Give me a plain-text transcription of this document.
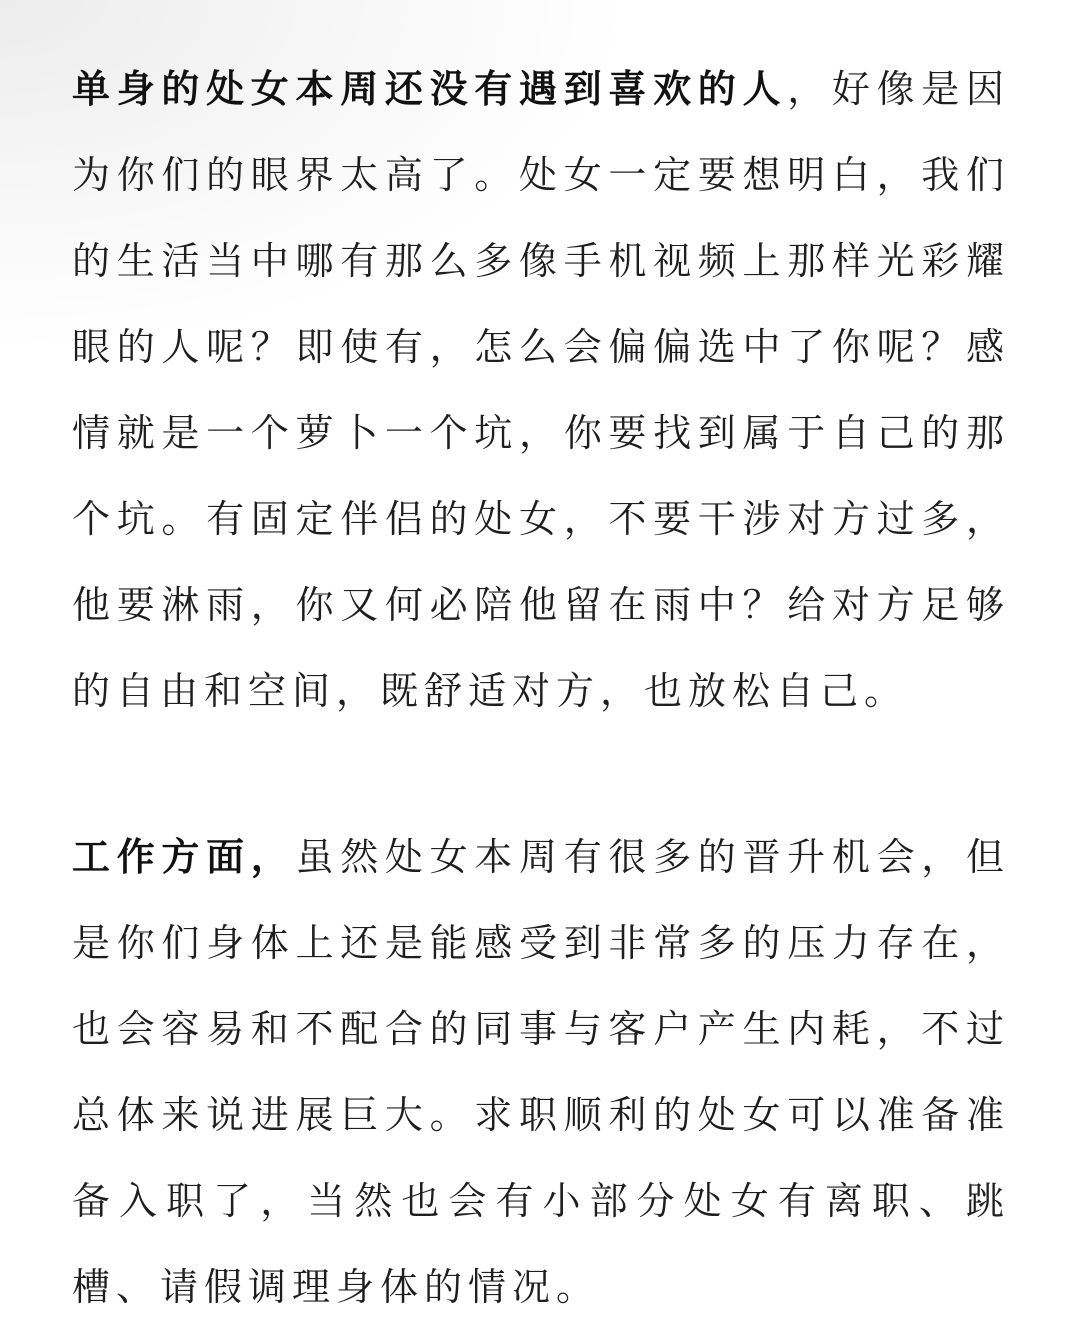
单身的处女本周还没有遇到喜欢的人，好像是因为你们的眼界太高了。处女一定要想明白，我们的生活当中哪有那么多像手机视频上那样光彩耀眼的人呢？即使有，怎么会偏偏选中了你呢？感情就是一个萝卜一个坑，你要找到属于自己的那个坑。有固定伴侣的处女，不要干涉对方过多，他要淋雨，你又何必陪他留在雨中？给对方足够的自由和空间，既舒适对方，也放松自己。

工作方面，虽然处女本周有很多的晋升机会，但是你们身体上还是能感受到非常多的压力存在，也会容易和不配合的同事与客户产生内耗，不过总体来说进展巨大。求职顺利的处女可以准备准备入职了，当然也会有小部分处女有离职、跳槽、请假调理身体的情况。
